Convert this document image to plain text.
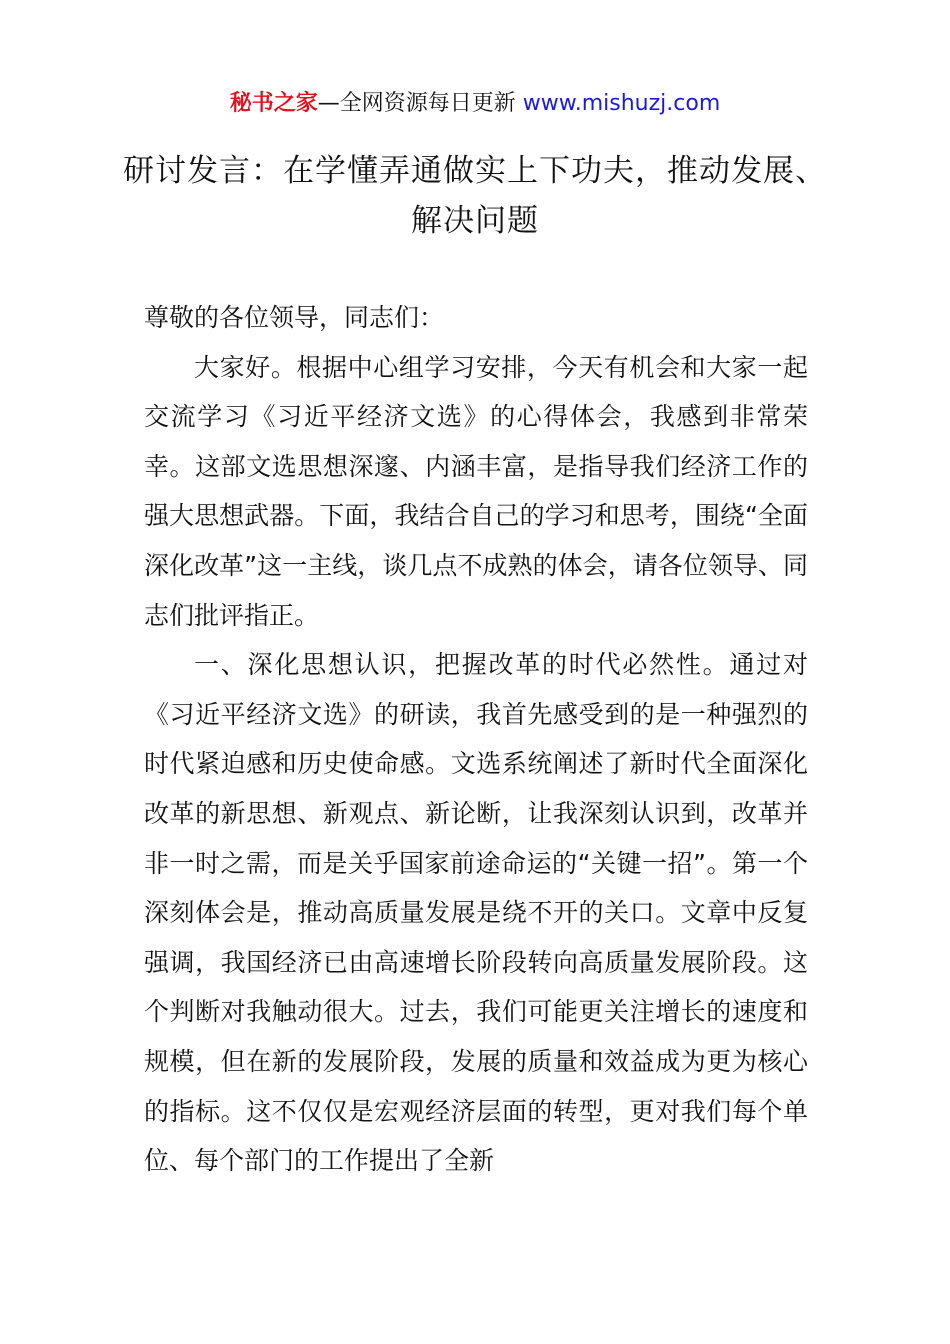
秘书之家—全网资源每日更新 www.mishuzj.com
研讨发言：在学懂弄通做实上下功夫，推动发展、解决问题

尊敬的各位领导，同志们：

大家好。根据中心组学习安排，今天有机会和大家一起交流学习《习近平经济文选》的心得体会，我感到非常荣幸。这部文选思想深邃、内涵丰富，是指导我们经济工作的强大思想武器。下面，我结合自己的学习和思考，围绕“全面深化改革”这一主线，谈几点不成熟的体会，请各位领导、同志们批评指正。

一、深化思想认识，把握改革的时代必然性。通过对《习近平经济文选》的研读，我首先感受到的是一种强烈的时代紧迫感和历史使命感。文选系统阐述了新时代全面深化改革的新思想、新观点、新论断，让我深刻认识到，改革并非一时之需，而是关乎国家前途命运的“关键一招”。第一个深刻体会是，推动高质量发展是绕不开的关口。文章中反复强调，我国经济已由高速增长阶段转向高质量发展阶段。这个判断对我触动很大。过去，我们可能更关注增长的速度和规模，但在新的发展阶段，发展的质量和效益成为更为核心的指标。这不仅仅是宏观经济层面的转型，更对我们每个单位、每个部门的工作提出了全新
